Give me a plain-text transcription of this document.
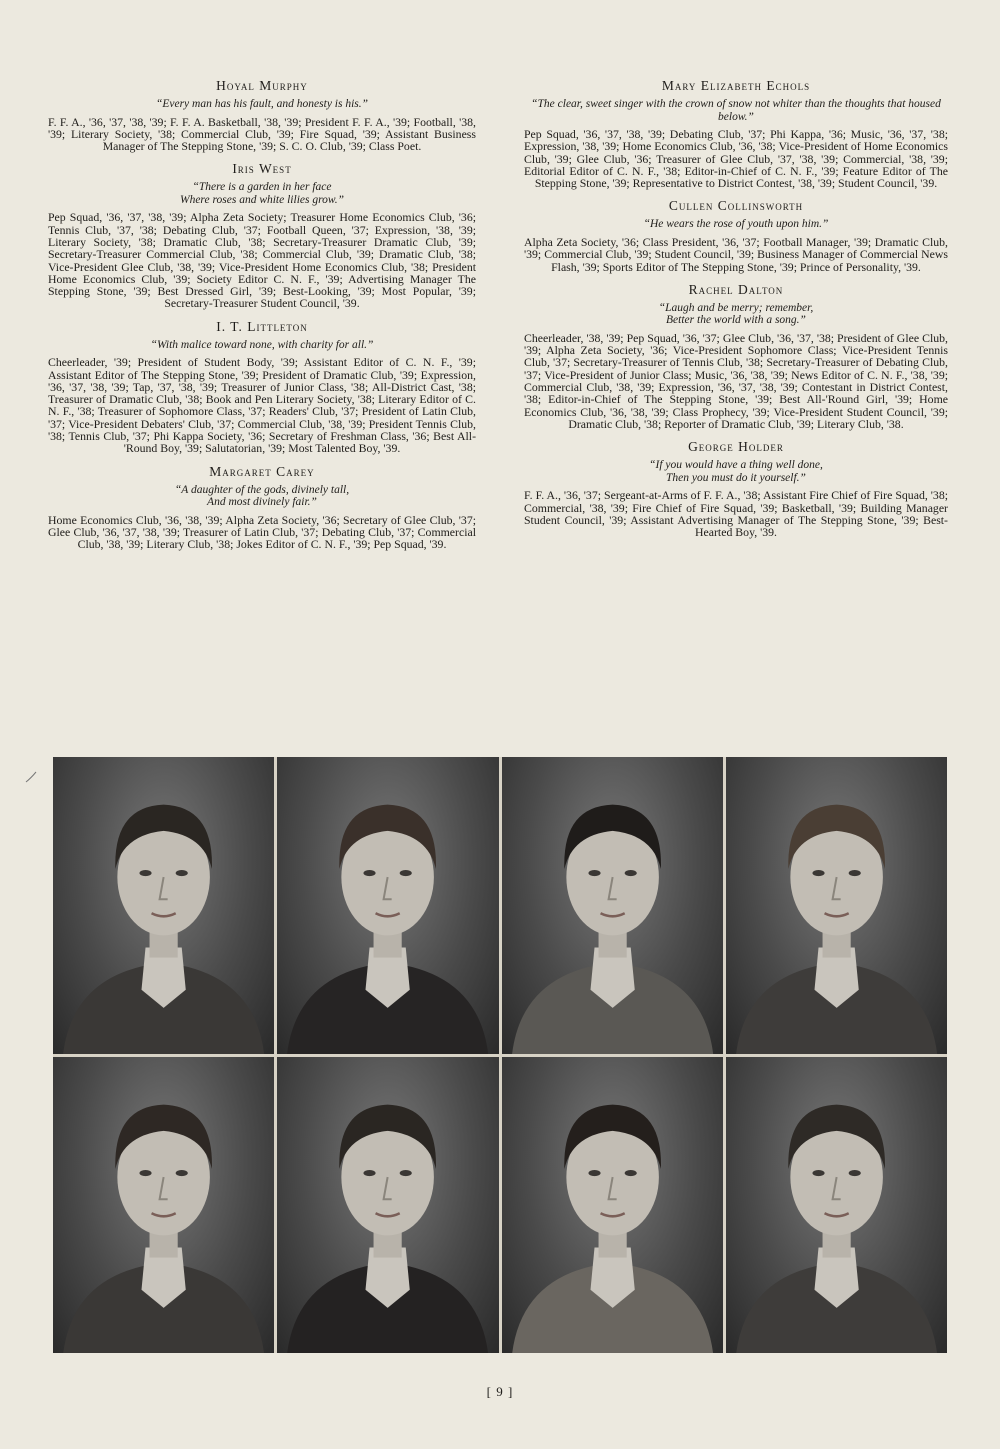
Hoyal Murphy

“Every man has his fault, and honesty is his.”

F. F. A., '36, '37, '38, '39; F. F. A. Basketball, '38, '39; President F. F. A., '39; Football, '38, '39; Literary Society, '38; Commercial Club, '39; Fire Squad, '39; Assistant Business Manager of The Stepping Stone, '39; S. C. O. Club, '39; Class Poet.

Iris West

“There is a garden in her face
Where roses and white lilies grow.”

Pep Squad, '36, '37, '38, '39; Alpha Zeta Society; Treasurer Home Economics Club, '36; Tennis Club, '37, '38; Debating Club, '37; Football Queen, '37; Expression, '38, '39; Literary Society, '38; Dramatic Club, '38; Secretary-Treasurer Dramatic Club, '39; Secretary-Treasurer Commercial Club, '38; Commercial Club, '39; Dramatic Club, '38; Vice-President Glee Club, '38, '39; Vice-President Home Economics Club, '38; President Home Economics Club, '39; Society Editor C. N. F., '39; Advertising Manager The Stepping Stone, '39; Best Dressed Girl, '39; Best-Looking, '39; Most Popular, '39; Secretary-Treasurer Student Council, '39.

I. T. Littleton

“With malice toward none, with charity for all.”

Cheerleader, '39; President of Student Body, '39; Assistant Editor of C. N. F., '39; Assistant Editor of The Stepping Stone, '39; President of Dramatic Club, '39; Expression, '36, '37, '38, '39; Tap, '37, '38, '39; Treasurer of Junior Class, '38; All-District Cast, '38; Treasurer of Dramatic Club, '38; Book and Pen Literary Society, '38; Literary Editor of C. N. F., '38; Treasurer of Sophomore Class, '37; Readers' Club, '37; President of Latin Club, '37; Vice-President Debaters' Club, '37; Commercial Club, '38, '39; President Tennis Club, '38; Tennis Club, '37; Phi Kappa Society, '36; Secretary of Freshman Class, '36; Best All-'Round Boy, '39; Salutatorian, '39; Most Talented Boy, '39.

Margaret Carey

“A daughter of the gods, divinely tall,
And most divinely fair.”

Home Economics Club, '36, '38, '39; Alpha Zeta Society, '36; Secretary of Glee Club, '37; Glee Club, '36, '37, '38, '39; Treasurer of Latin Club, '37; Debating Club, '37; Commercial Club, '38, '39; Literary Club, '38; Jokes Editor of C. N. F., '39; Pep Squad, '39.

Mary Elizabeth Echols

“The clear, sweet singer with the crown of snow not whiter than the thoughts that housed below.”

Pep Squad, '36, '37, '38, '39; Debating Club, '37; Phi Kappa, '36; Music, '36, '37, '38; Expression, '38, '39; Home Economics Club, '36, '38; Vice-President of Home Economics Club, '39; Glee Club, '36; Treasurer of Glee Club, '37, '38, '39; Commercial, '38, '39; Editorial Editor of C. N. F., '38; Editor-in-Chief of C. N. F., '39; Feature Editor of The Stepping Stone, '39; Representative to District Contest, '38, '39; Student Council, '39.

Cullen Collinsworth

“He wears the rose of youth upon him.”

Alpha Zeta Society, '36; Class President, '36, '37; Football Manager, '39; Dramatic Club, '39; Commercial Club, '39; Student Council, '39; Business Manager of Commercial News Flash, '39; Sports Editor of The Stepping Stone, '39; Prince of Personality, '39.

Rachel Dalton

“Laugh and be merry; remember,
Better the world with a song.”

Cheerleader, '38, '39; Pep Squad, '36, '37; Glee Club, '36, '37, '38; President of Glee Club, '39; Alpha Zeta Society, '36; Vice-President Sophomore Class; Vice-President Tennis Club, '37; Secretary-Treasurer of Tennis Club, '38; Secretary-Treasurer of Debating Club, '37; Vice-President of Junior Class; Music, '36, '38, '39; News Editor of C. N. F., '38, '39; Commercial Club, '38, '39; Expression, '36, '37, '38, '39; Contestant in District Contest, '38; Editor-in-Chief of The Stepping Stone, '39; Best All-'Round Girl, '39; Home Economics Club, '36, '38, '39; Class Prophecy, '39; Vice-President Student Council, '39; Dramatic Club, '38; Reporter of Dramatic Club, '39; Literary Club, '38.

George Holder

“If you would have a thing well done,
Then you must do it yourself.”

F. F. A., '36, '37; Sergeant-at-Arms of F. F. A., '38; Assistant Fire Chief of Fire Squad, '38; Commercial, '38, '39; Fire Chief of Fire Squad, '39; Basketball, '39; Building Manager Student Council, '39; Assistant Advertising Manager of The Stepping Stone, '39; Best-Hearted Boy, '39.

[ 9 ]
